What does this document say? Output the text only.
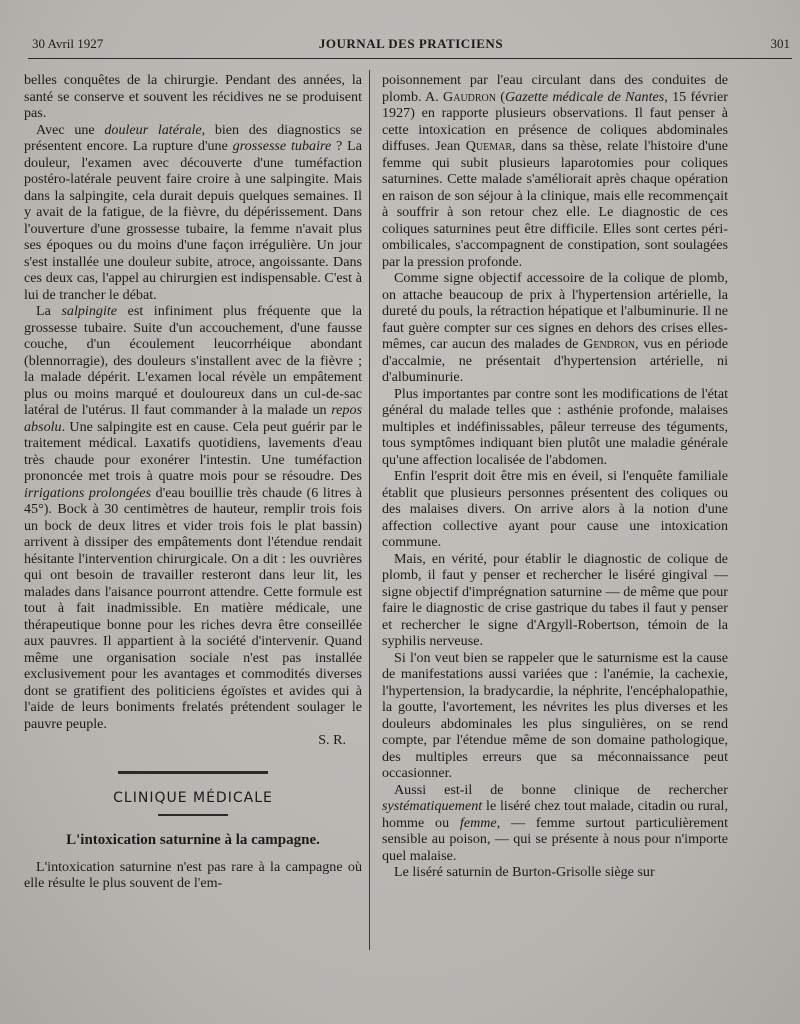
30 Avril 1927	JOURNAL DES PRATICIENS	301

belles conquêtes de la chirurgie. Pendant des années, la santé se conserve et souvent les récidives ne se produisent pas.

Avec une douleur latérale, bien des diagnostics se présentent encore. La rupture d'une grossesse tubaire ? La douleur, l'examen avec découverte d'une tuméfaction postéro-latérale peuvent faire croire à une salpingite. Mais dans la salpingite, cela durait depuis quelques semaines. Il y avait de la fatigue, de la fièvre, du dépérissement. Dans l'ouverture d'une grossesse tubaire, la femme n'avait plus ses époques ou du moins d'une façon irrégulière. Un jour s'est installée une douleur subite, atroce, angoissante. Dans ces deux cas, l'appel au chirurgien est indispensable. C'est à lui de trancher le débat.

La salpingite est infiniment plus fréquente que la grossesse tubaire. Suite d'un accouchement, d'une fausse couche, d'un écoulement leucorrhéique abondant (blennorragie), des douleurs s'installent avec de la fièvre ; la malade dépérit. L'examen local révèle un empâtement plus ou moins marqué et douloureux dans un cul-de-sac latéral de l'utérus. Il faut commander à la malade un repos absolu. Une salpingite est en cause. Cela peut guérir par le traitement médical. Laxatifs quotidiens, lavements d'eau très chaude pour exonérer l'intestin. Une tuméfaction prononcée met trois à quatre mois pour se résoudre. Des irrigations prolongées d'eau bouillie très chaude (6 litres à 45°). Bock à 30 centimètres de hauteur, remplir trois fois un bock de deux litres et vider trois fois le plat bassin) arrivent à dissiper des empâtements dont l'étendue rendait hésitante l'intervention chirurgicale. On a dit : les ouvrières qui ont besoin de travailler resteront dans leur lit, les malades dans l'aisance pourront attendre. Cette formule est tout à fait inadmissible. En matière médicale, une thérapeutique bonne pour les riches devra être conseillée aux pauvres. Il appartient à la société d'intervenir. Quand même une organisation sociale n'est pas installée exclusivement pour les avantages et commodités diverses dont se gratifient des politiciens égoïstes et avides qui à l'aide de leurs boniments frelatés prétendent soulager le pauvre peuple.

S. R.
CLINIQUE MÉDICALE
L'intoxication saturnine à la campagne.

L'intoxication saturnine n'est pas rare à la campagne où elle résulte le plus souvent de l'em-

poisonnement par l'eau circulant dans des conduites de plomb. A. Gaudron (Gazette médicale de Nantes, 15 février 1927) en rapporte plusieurs observations. Il faut penser à cette intoxication en présence de coliques abdominales diffuses. Jean Quemar, dans sa thèse, relate l'histoire d'une femme qui subit plusieurs laparotomies pour coliques saturnines. Cette malade s'améliorait après chaque opération en raison de son séjour à la clinique, mais elle recommençait à souffrir à son retour chez elle. Le diagnostic de ces coliques saturnines peut être difficile. Elles sont certes péri-ombilicales, s'accompagnent de constipation, sont soulagées par la pression profonde.

Comme signe objectif accessoire de la colique de plomb, on attache beaucoup de prix à l'hypertension artérielle, la dureté du pouls, la rétraction hépatique et l'albuminurie. Il ne faut guère compter sur ces signes en dehors des crises elles-mêmes, car aucun des malades de Gendron, vus en période d'accalmie, ne présentait d'hypertension artérielle, ni d'albuminurie.

Plus importantes par contre sont les modifications de l'état général du malade telles que : asthénie profonde, malaises multiples et indéfinissables, pâleur terreuse des téguments, tous symptômes indiquant bien plutôt une maladie générale qu'une affection localisée de l'abdomen.

Enfin l'esprit doit être mis en éveil, si l'enquête familiale établit que plusieurs personnes présentent des coliques ou des malaises divers. On arrive alors à la notion d'une affection collective ayant pour cause une intoxication commune.

Mais, en vérité, pour établir le diagnostic de colique de plomb, il faut y penser et rechercher le liséré gingival — signe objectif d'imprégnation saturnine — de même que pour faire le diagnostic de crise gastrique du tabes il faut y penser et rechercher le signe d'Argyll-Robertson, témoin de la syphilis nerveuse.

Si l'on veut bien se rappeler que le saturnisme est la cause de manifestations aussi variées que : l'anémie, la cachexie, l'hypertension, la bradycardie, la néphrite, l'encéphalopathie, la goutte, l'avortement, les névrites les plus diverses et les douleurs abdominales les plus singulières, on se rend compte, par l'étendue même de son domaine pathologique, des multiples erreurs que sa méconnaissance peut occasionner.

Aussi est-il de bonne clinique de rechercher systématiquement le liséré chez tout malade, citadin ou rural, homme ou femme, — femme surtout particulièrement sensible au poison, — qui se présente à nous pour n'importe quel malaise.

Le liséré saturnin de Burton-Grisolle siège sur
